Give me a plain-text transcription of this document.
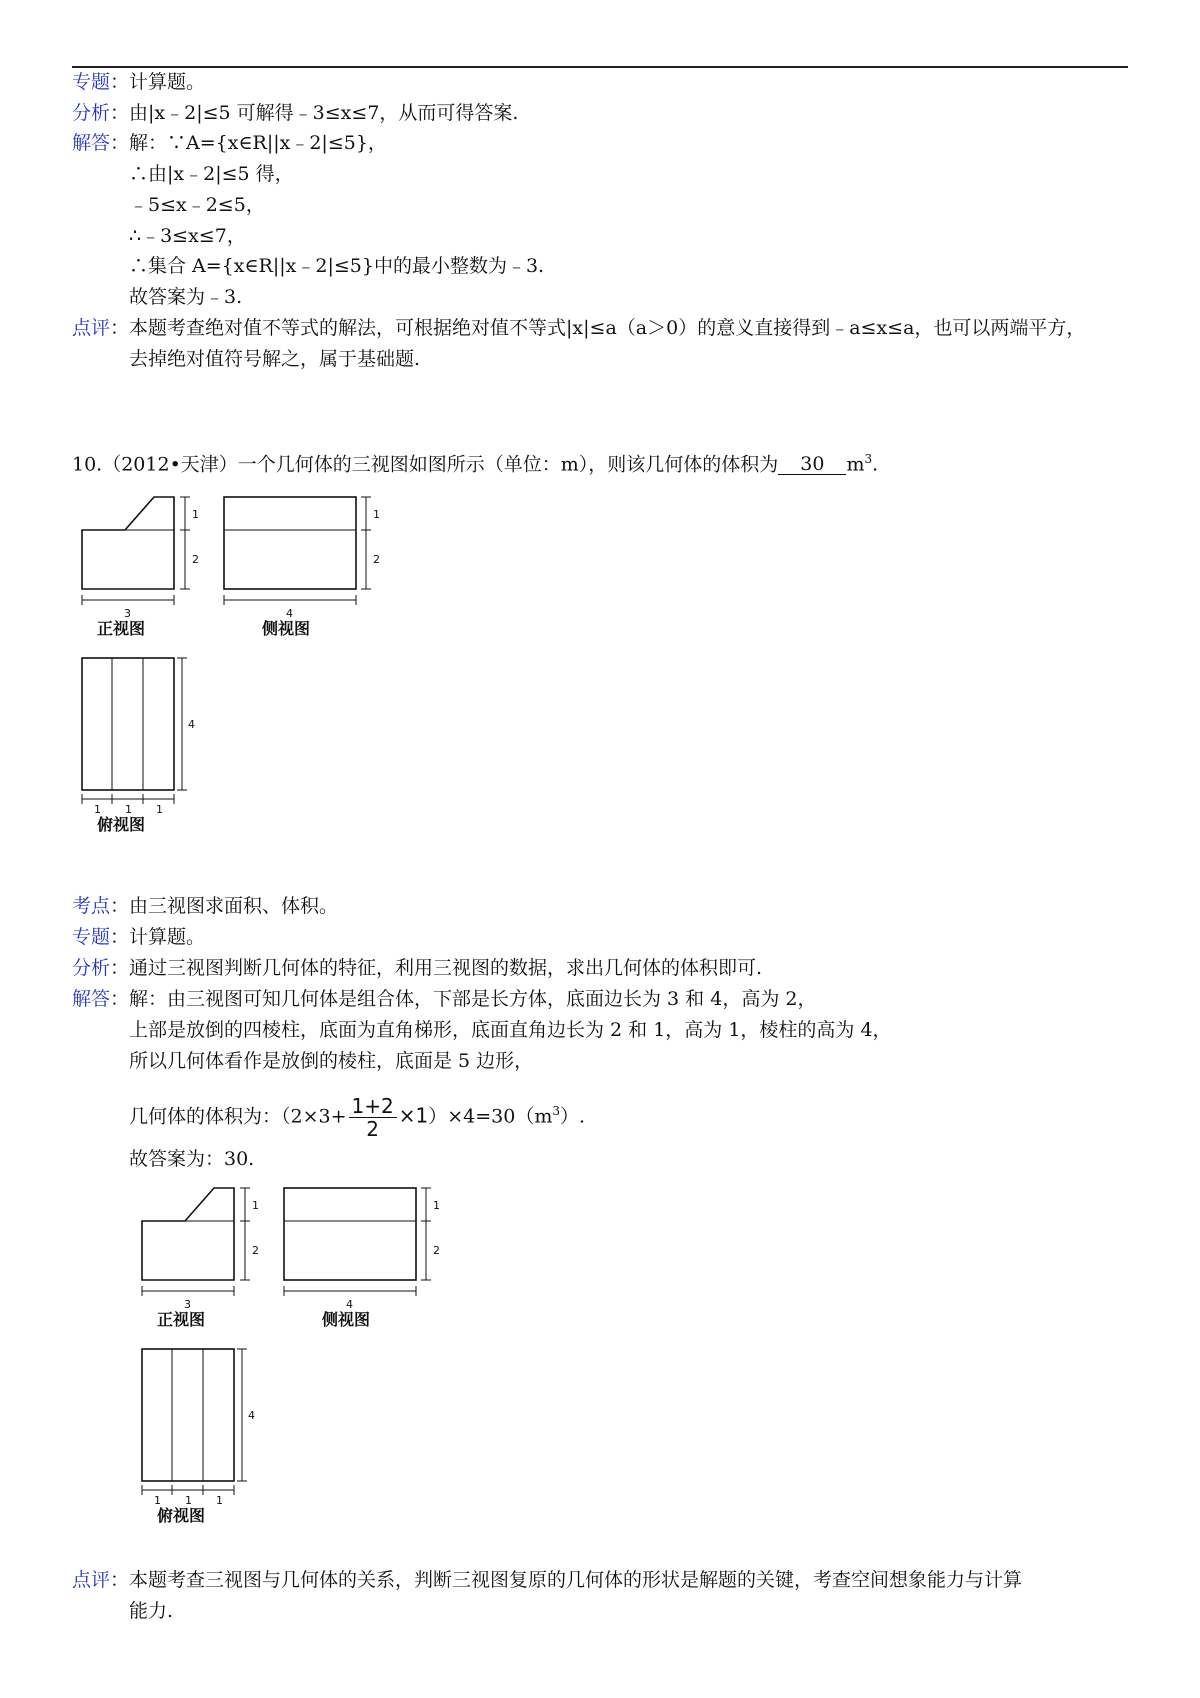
专题：计算题。
分析：由|x﹣2|≤5 可解得﹣3≤x≤7，从而可得答案.
解答：解：∵A={x∈R||x﹣2|≤5}，
∴由|x﹣2|≤5 得，
﹣5≤x﹣2≤5，
∴﹣3≤x≤7，
∴集合 A={x∈R||x﹣2|≤5}中的最小整数为﹣3.
故答案为﹣3.
点评：本题考查绝对值不等式的解法，可根据绝对值不等式|x|≤a（a＞0）的意义直接得到﹣a≤x≤a，也可以两端平方，
去掉绝对值符号解之，属于基础题.
10.（2012•天津）一个几何体的三视图如图所示（单位：m），则该几何体的体积为 30 $m^3$.
3
1
2
正视图
4
1
2
侧视图
4
1 1 1
俯视图
考点：由三视图求面积、体积。
专题：计算题。
分析：通过三视图判断几何体的特征，利用三视图的数据，求出几何体的体积即可.
解答：解：由三视图可知几何体是组合体，下部是长方体，底面边长为 3 和 4，高为 2，
上部是放倒的四棱柱，底面为直角梯形，底面直角边长为 2 和 1，高为 1，棱柱的高为 4，
所以几何体看作是放倒的棱柱，底面是 5 边形，
几何体的体积为：$(2\times 3+ \frac{1+2}{2} \times 1)\times 4=30(m^3)$.
故答案为：30.
3
1
2
正视图
4
1
2
侧视图
4
1 1 1
俯视图
点评：本题考查三视图与几何体的关系，判断三视图复原的几何体的形状是解题的关键，考查空间想象能力与计算
能力.
